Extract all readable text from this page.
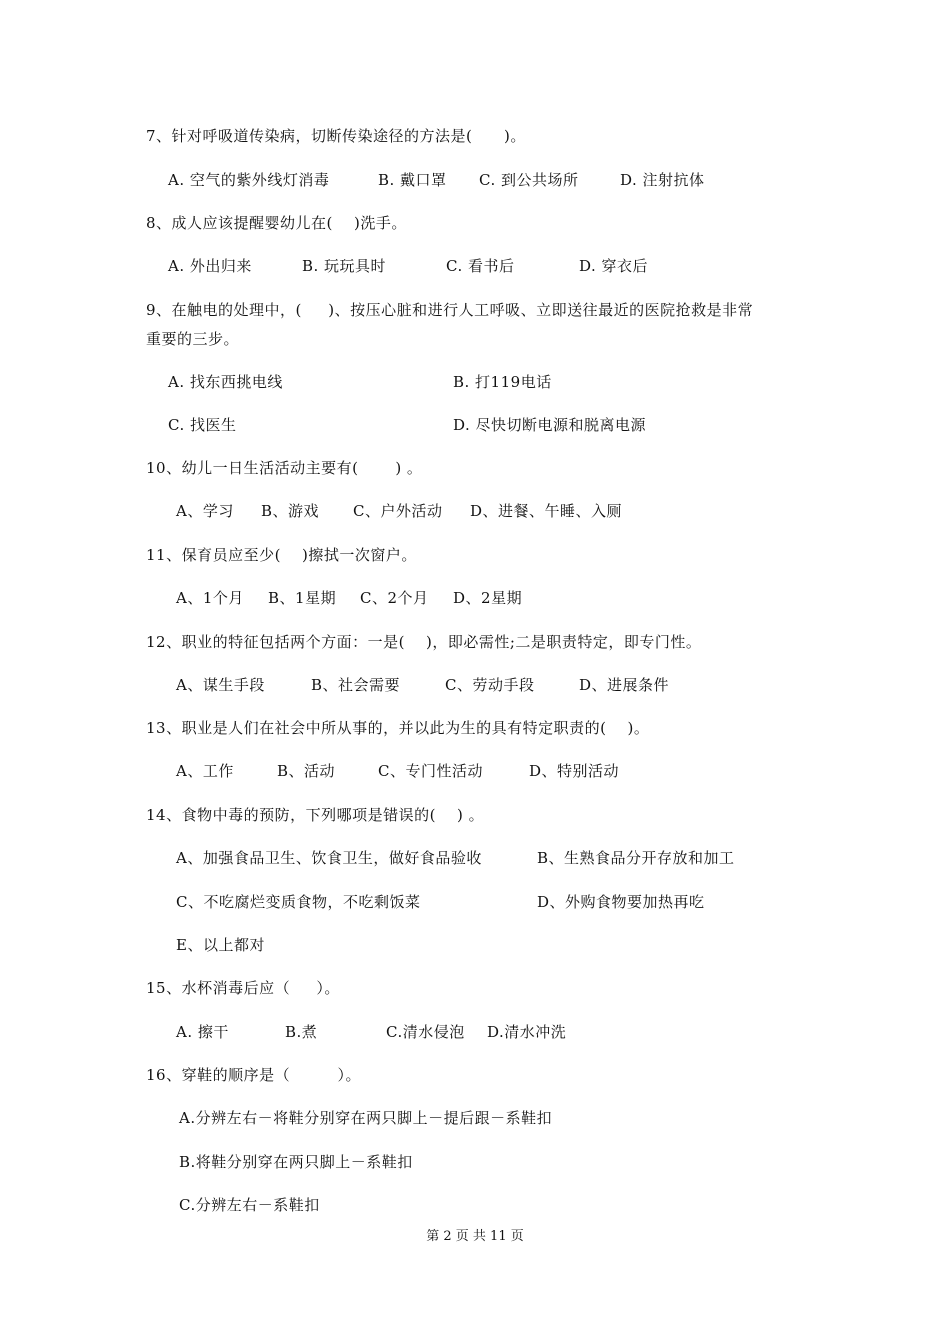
7、针对呼吸道传染病，切断传染途径的方法是(      )。
A. 空气的紫外线灯消毒	B. 戴口罩 C. 到公共场所	D. 注射抗体
8、成人应该提醒婴幼儿在(    )洗手。
A. 外出归来	B. 玩玩具时	C. 看书后	D. 穿衣后
9、在触电的处理中，(     )、按压心脏和进行人工呼吸、立即送往最近的医院抢救是非常
重要的三步。
A. 找东西挑电线	B. 打119电话
C. 找医生	D. 尽快切断电源和脱离电源
10、幼儿一日生活活动主要有(       ) 。
A、学习 B、游戏 C、户外活动 D、进餐、午睡、入厕
11、保育员应至少(    )擦拭一次窗户。
A、1个月 B、1星期 C、2个月 D、2星期
12、职业的特征包括两个方面：一是(    )，即必需性;二是职责特定，即专门性。
A、谋生手段	B、社会需要	C、劳动手段	D、进展条件
13、职业是人们在社会中所从事的，并以此为生的具有特定职责的(    )。
A、工作	B、活动	C、专门性活动	D、特别活动
14、食物中毒的预防，下列哪项是错误的(    ) 。
A、加强食品卫生、饮食卫生，做好食品验收	B、生熟食品分开存放和加工
C、不吃腐烂变质食物，不吃剩饭菜	D、外购食物要加热再吃
E、以上都对
15、水杯消毒后应（     ）。
A. 擦干	B.煮	C.清水侵泡 D.清水冲洗
16、穿鞋的顺序是（         ）。
A.分辨左右－将鞋分别穿在两只脚上－提后跟－系鞋扣
B.将鞋分别穿在两只脚上－系鞋扣
C.分辨左右－系鞋扣
第 2 页 共 11 页
